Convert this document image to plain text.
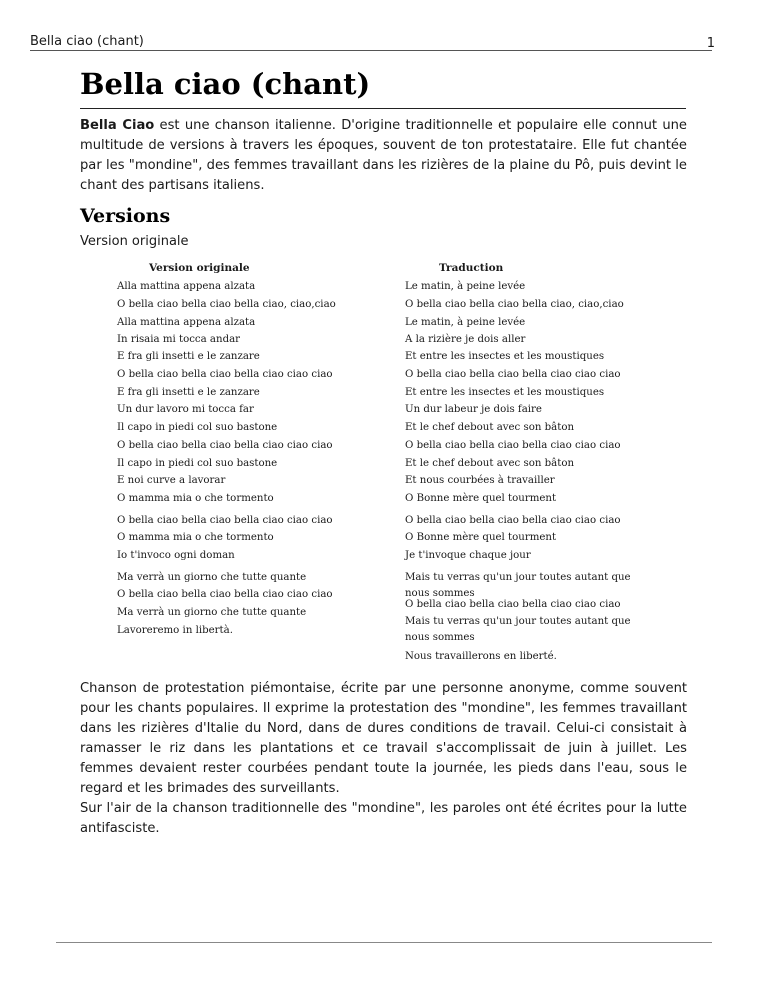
Bella ciao (chant)	1
Bella ciao (chant)

Bella Ciao est une chanson italienne. D'origine traditionnelle et populaire elle connut une multitude de versions à travers les époques, souvent de ton protestataire. Elle fut chantée par les "mondine", des femmes travaillant dans les rizières de la plaine du Pô, puis devint le chant des partisans italiens.

Versions
Version originale
Version originale
Alla mattina appena alzata
O bella ciao bella ciao bella ciao, ciao,ciao
Alla mattina appena alzata
In risaia mi tocca andar
E fra gli insetti e le zanzare
O bella ciao bella ciao bella ciao ciao ciao
E fra gli insetti e le zanzare
Un dur lavoro mi tocca far
Il capo in piedi col suo bastone
O bella ciao bella ciao bella ciao ciao ciao
Il capo in piedi col suo bastone
E noi curve a lavorar
O mamma mia o che tormento
O bella ciao bella ciao bella ciao ciao ciao
O mamma mia o che tormento
Io t'invoco ogni doman
Ma verrà un giorno che tutte quante
O bella ciao bella ciao bella ciao ciao ciao
Ma verrà un giorno che tutte quante
Lavoreremo in libertà.
Traduction
Le matin, à peine levée
O bella ciao bella ciao bella ciao, ciao,ciao
Le matin, à peine levée
A la rizière je dois aller
Et entre les insectes et les moustiques
O bella ciao bella ciao bella ciao ciao ciao
Et entre les insectes et les moustiques
Un dur labeur je dois faire
Et le chef debout avec son bâton
O bella ciao bella ciao bella ciao ciao ciao
Et le chef debout avec son bâton
Et nous courbées à travailler
O Bonne mère quel tourment
O bella ciao bella ciao bella ciao ciao ciao
O Bonne mère quel tourment
Je t'invoque chaque jour
Mais tu verras qu'un jour toutes autant que nous sommes
O bella ciao bella ciao bella ciao ciao ciao
Mais tu verras qu'un jour toutes autant que nous sommes
Nous travaillerons en liberté.

Chanson de protestation piémontaise, écrite par une personne anonyme, comme souvent pour les chants populaires. Il exprime la protestation des "mondine", les femmes travaillant dans les rizières d'Italie du Nord, dans de dures conditions de travail. Celui-ci consistait à ramasser le riz dans les plantations et ce travail s'accomplissait de juin à juillet. Les femmes devaient rester courbées pendant toute la journée, les pieds dans l'eau, sous le regard et les brimades des surveillants.

Sur l'air de la chanson traditionnelle des "mondine", les paroles ont été écrites pour la lutte antifasciste.
